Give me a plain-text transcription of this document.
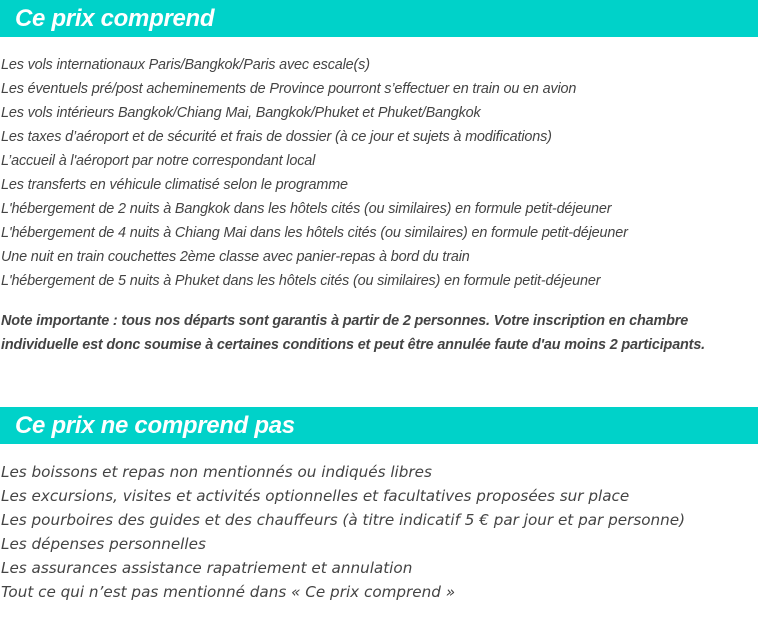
Ce prix comprend
Les vols internationaux Paris/Bangkok/Paris avec escale(s)
Les éventuels pré/post acheminements de Province pourront s’effectuer en train ou en avion
Les vols intérieurs Bangkok/Chiang Mai, Bangkok/Phuket et Phuket/Bangkok
Les taxes d’aéroport et de sécurité et frais de dossier (à ce jour et sujets à modifications)
L’accueil à l'aéroport par notre correspondant local
Les transferts en véhicule climatisé selon le programme
L'hébergement de 2 nuits à Bangkok dans les hôtels cités (ou similaires) en formule petit-déjeuner
L'hébergement de 4 nuits à Chiang Mai dans les hôtels cités (ou similaires) en formule petit-déjeuner
Une nuit en train couchettes 2ème classe avec panier-repas à bord du train
L'hébergement de 5 nuits à Phuket dans les hôtels cités (ou similaires) en formule petit-déjeuner

Note importante : tous nos départs sont garantis à partir de 2 personnes. Votre inscription en chambre individuelle est donc soumise à certaines conditions et peut être annulée faute d'au moins 2 participants.

Ce prix ne comprend pas
Les boissons et repas non mentionnés ou indiqués libres
Les excursions, visites et activités optionnelles et facultatives proposées sur place
Les pourboires des guides et des chauffeurs (à titre indicatif 5 € par jour et par personne)
Les dépenses personnelles
Les assurances assistance rapatriement et annulation
Tout ce qui n’est pas mentionné dans « Ce prix comprend »
